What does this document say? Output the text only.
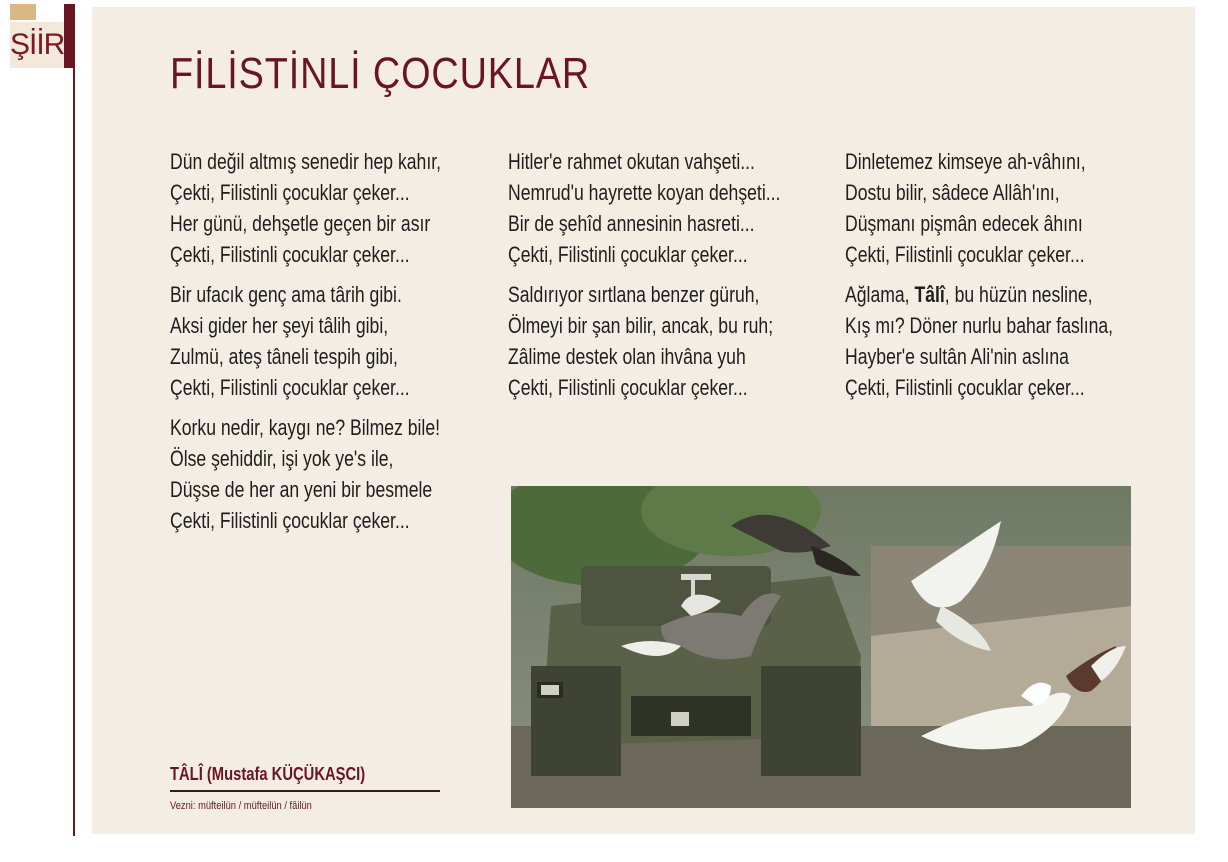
ŞİİR
FİLİSTİNLİ ÇOCUKLAR
Dün değil altmış senedir hep kahır,
Çekti, Filistinli çocuklar çeker...
Her günü, dehşetle geçen bir asır
Çekti, Filistinli çocuklar çeker...
Bir ufacık genç ama târih gibi.
Aksi gider her şeyi tâlih gibi,
Zulmü, ateş tâneli tespih gibi,
Çekti, Filistinli çocuklar çeker...
Korku nedir, kaygı ne? Bilmez bile!
Ölse şehiddir, işi yok ye's ile,
Düşse de her an yeni bir besmele
Çekti, Filistinli çocuklar çeker...
Hitler'e rahmet okutan vahşeti...
Nemrud'u hayrette koyan dehşeti...
Bir de şehîd annesinin hasreti...
Çekti, Filistinli çocuklar çeker...
Saldırıyor sırtlana benzer güruh,
Ölmeyi bir şan bilir, ancak, bu ruh;
Zâlime destek olan ihvâna yuh
Çekti, Filistinli çocuklar çeker...
Dinletemez kimseye ah-vâhını,
Dostu bilir, sâdece Allâh'ını,
Düşmanı pişmân edecek âhını
Çekti, Filistinli çocuklar çeker...
Ağlama, Tâlî, bu hüzün nesline,
Kış mı? Döner nurlu bahar faslına,
Hayber'e sultân Ali'nin aslına
Çekti, Filistinli çocuklar çeker...
TÂLÎ (Mustafa KÜÇÜKAŞCI)
Vezni: müfteilün / müfteilün / fâilün
